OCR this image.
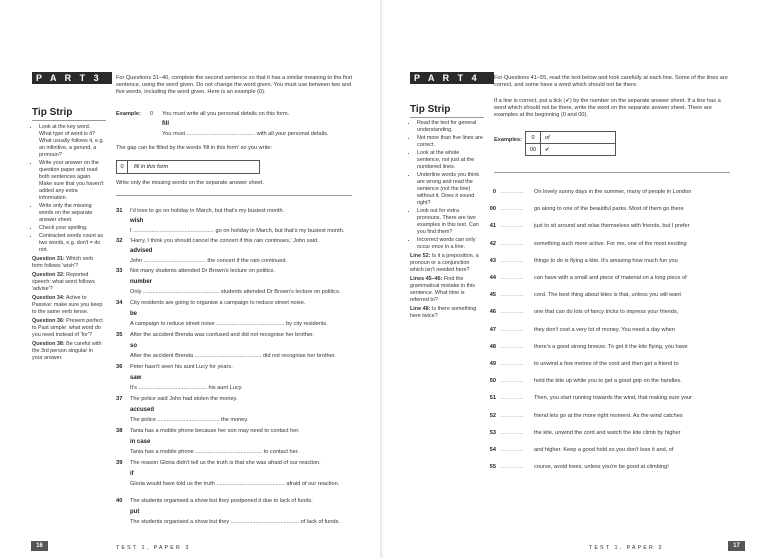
P A R T 3
Tip Strip
• Look at the key word. What type of word is it? What usually follows it, e.g. an infinitive, a gerund, a pronoun?
• Write your answer on the question paper and read both sentences again. Make sure that you haven't added any extra information.
• Write only the missing words on the separate answer sheet.
• Check your spelling.
• Contracted words count as two words, e.g. don't = do not.
Question 31: Which verb form follows 'wish'?
Question 32: Reported speech: what word follows 'advise'?
Question 34: Active to Passive: make sure you keep to the same verb tense.
Question 36: Present perfect to Past simple: what word do you need instead of 'for'?
Question 38: Be careful with the 3rd person singular in your answer.
For Questions 31–40, complete the second sentence so that it has a similar meaning to the first sentence, using the word given. Do not change the word given. You must use between two and five words, including the word given. Here is an example (0).
Example: 0 You must write all you personal details on this form.
fill
You must ............................................ with all your personal details.
The gap can be filled by the words 'fill in this form' so you write:
0 fill in this form
Write only the missing words on the separate answer sheet.
31 I'd love to go on holiday in March, but that's my busiest month.
wish
I .................................................... go on holiday in March, but that's my busiest month.
32 'Harry, I think you should cancel the concert if this rain continues,' John said.
advised
John ........................................ the concert if the rain continued.
33 Not many students attended Dr Brown's lecture on politics.
number
Only ................................................. students attended Dr Brown's lecture on politics.
34 City residents are going to organise a campaign to reduce street noise.
be
A campaign to reduce street noise ............................................ by city residents.
35 After the accident Brenda was confused and did not recognise her brother.
so
After the accident Brenda ........................................... did not recognise her brother.
36 Peter hasn't seen his aunt Lucy for years.
saw
It's ............................................ his aunt Lucy.
37 The police said John had stolen the money.
accused
The police ........................................ the money.
38 Tania has a mobile phone because her son may need to contact her.
in case
Tania has a mobile phone ........................................... to contact her.
39 The reason Gloria didn't tell us the truth is that she was afraid of our reaction.
if
Gloria would have told us the truth ............................................ afraid of our reaction.
40 The students organised a show but they postponed it due to lack of funds.
put
The students organised a show but they ............................................ of lack of funds.
16	TEST 1, PAPER 3
P A R T 4
Tip Strip
• Read the text for general understanding.
• Not more than five lines are correct.
• Look at the whole sentence, not just at the numbered lines.
• Underline words you think are wrong and read the sentence (not the line) without it. Does it sound right?
• Look out for extra pronouns. There are two examples in this test. Can you find them?
• Incorrect words can only occur once in a line.
Line 52: Is it a preposition, a pronoun or a conjunction which isn't needed here?
Lines 45–46: Find the grammatical mistake in this sentence. What time is referred to?
Line 48: Is there something here twice?
For Questions 41–55, read the text below and look carefully at each line. Some of the lines are correct, and some have a word which should not be there.
If a line is correct, put a tick (✔) by the number on the separate answer sheet. If a line has a word which should not be there, write the word on the separate answer sheet. There are examples at the beginning (0 and 00).
Examples: 0	of
00	✔
0 ........... On lovely sunny days in the summer, many of people in London
00 ........... go along to one of the beautiful parks. Most of them go there
41 ........... just to sit around and relax themselves with friends, but I prefer
42 ........... something such more active. For me, one of the most exciting
43 ........... things to do is flying a kite. It's amazing how much fun you
44 ........... can have with a small and piece of material on a long piece of
45 ........... cord. The best thing about kites is that, unless you will want
46 ........... one that can do lots of fancy tricks to impress your friends,
47 ........... they don't cost a very lot of money. You need a day when
48 ........... there's a good strong breeze. To get it the kite flying, you have
49 ........... to unwind a few metres of the cord and then get a friend to
50 ........... hold the kite up while you to get a good grip on the handles.
51 ........... Then, you start running towards the wind, that making sure your
52 ........... friend lets go at the more right moment. As the wind catches
53 ........... the kite, unwind the cord and watch the kite climb by higher
54 ........... and higher. Keep a good hold so you don't lose it and, of
55 ........... course, avoid trees, unless you're be good at climbing!
TEST 1, PAPER 3	17
